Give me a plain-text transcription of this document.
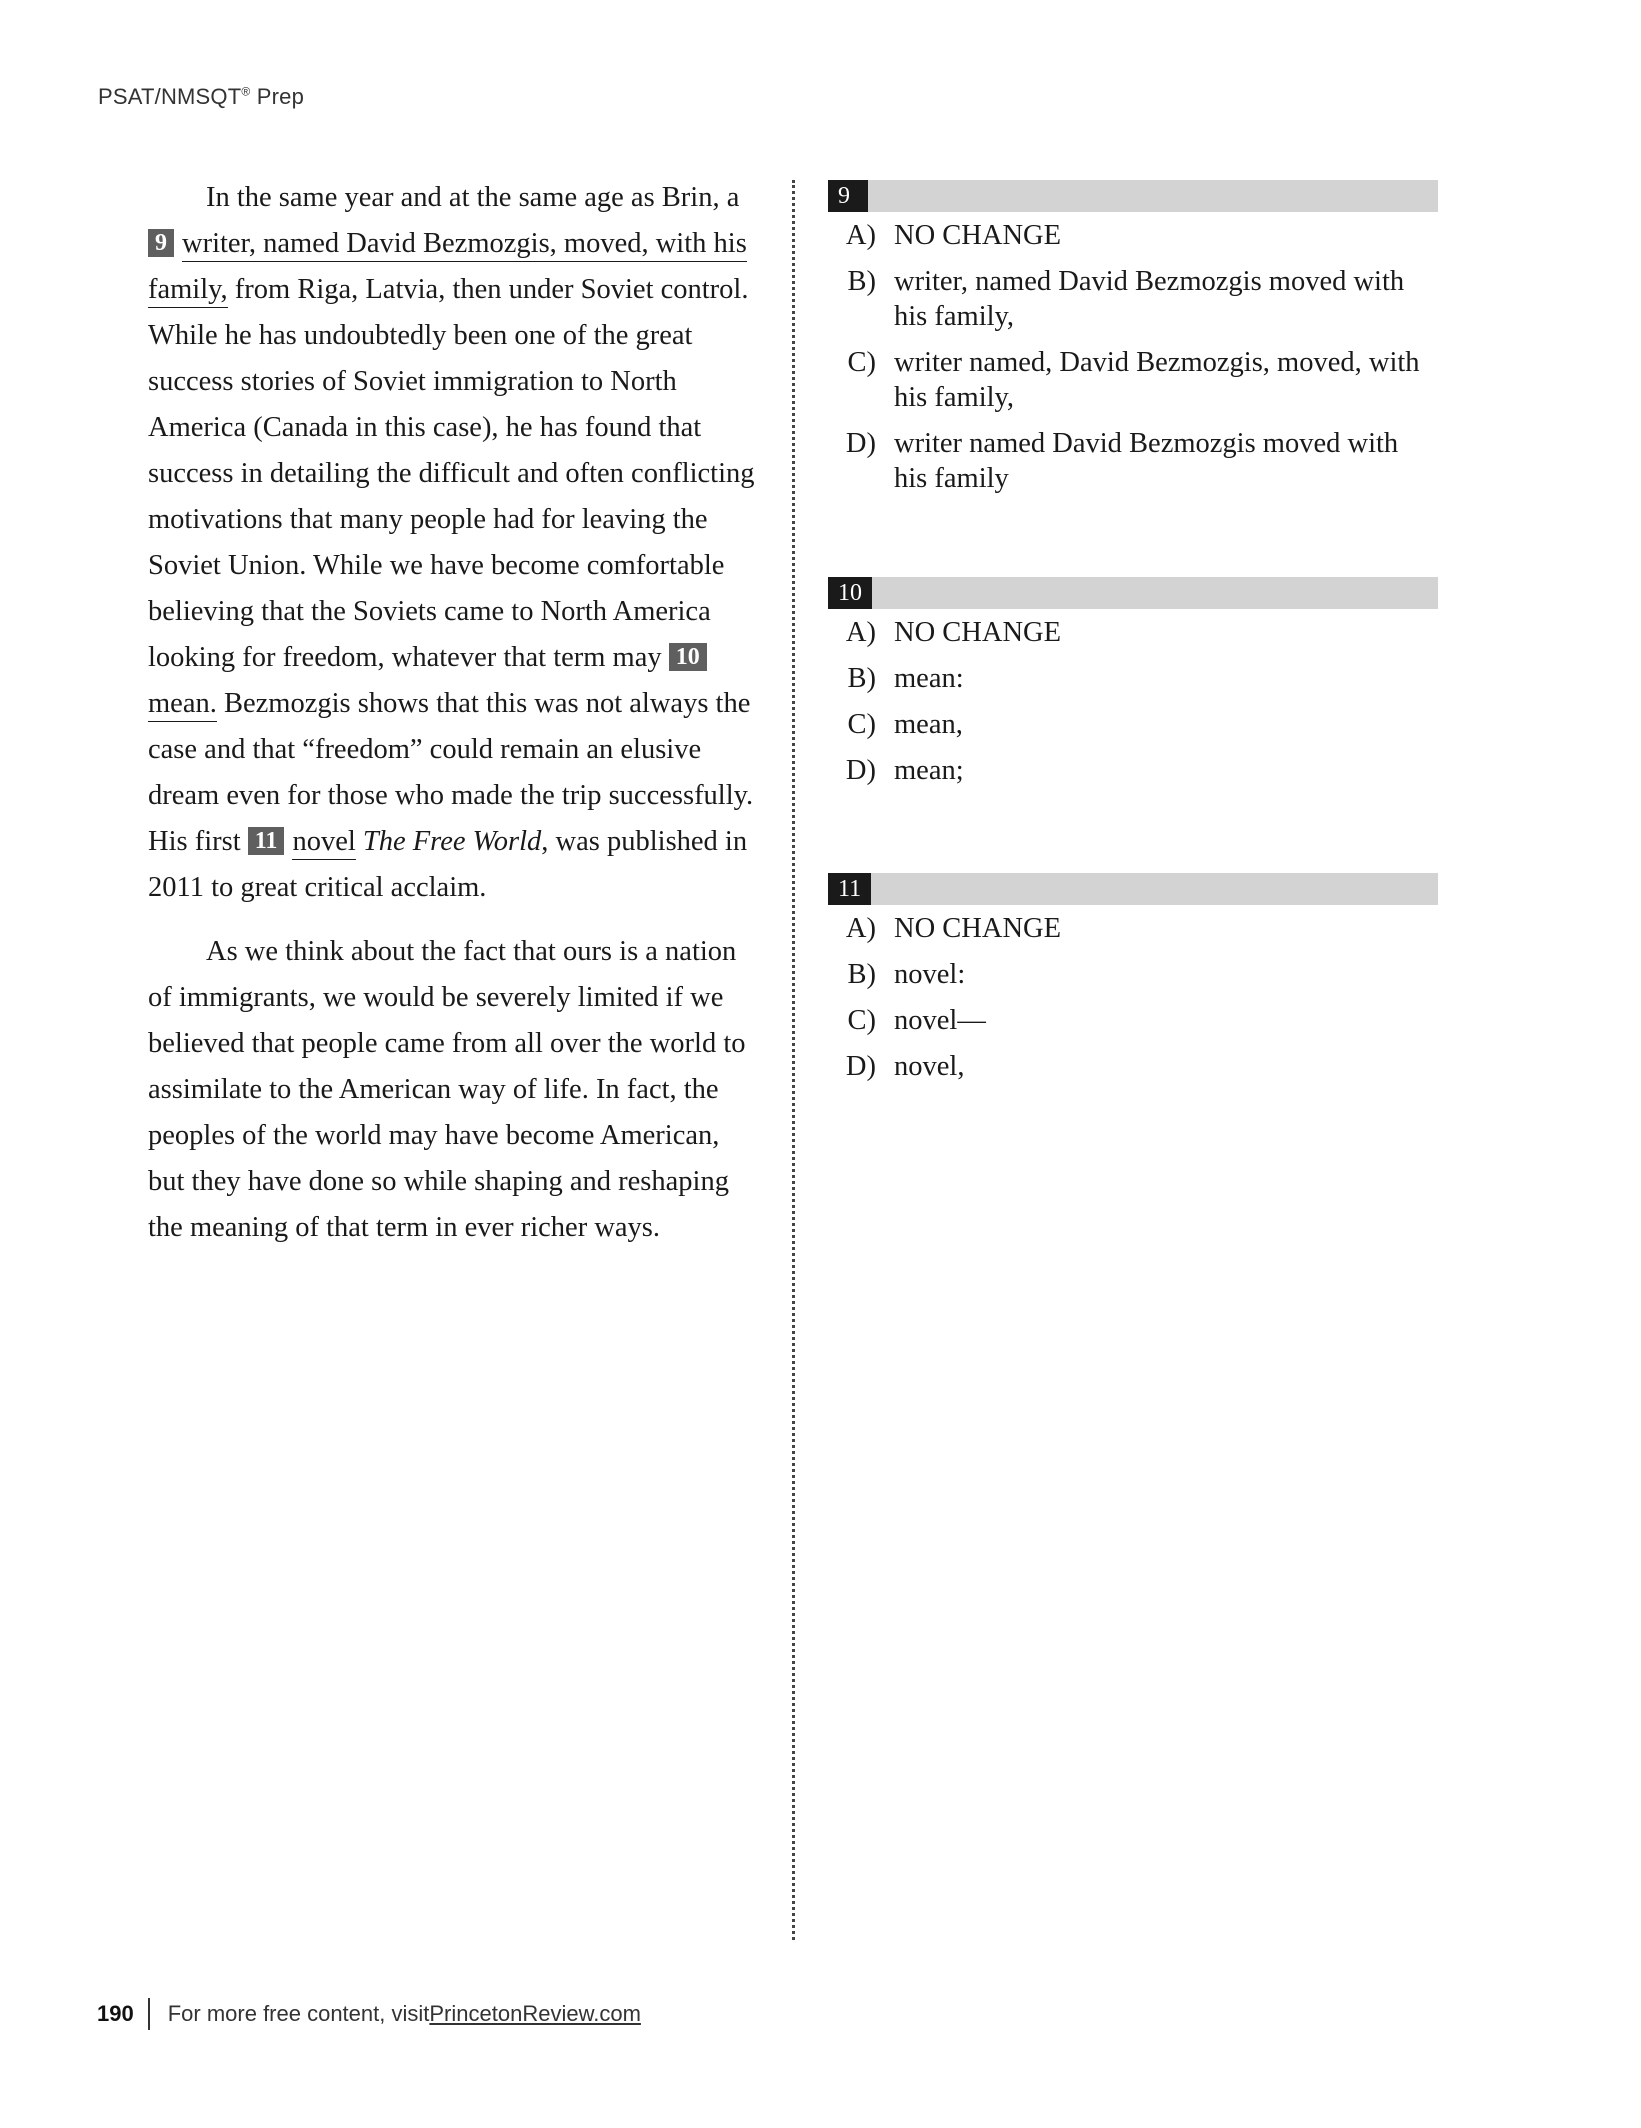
PSAT/NMSQT® Prep

In the same year and at the same age as Brin, a 9 writer, named David Bezmozgis, moved, with his family, from Riga, Latvia, then under Soviet control. While he has undoubtedly been one of the great success stories of Soviet immigration to North America (Canada in this case), he has found that success in detailing the difficult and often conflicting motivations that many people had for leaving the Soviet Union. While we have become comfortable believing that the Soviets came to North America looking for freedom, whatever that term may 10mean. Bezmozgis shows that this was not always the case and that “freedom” could remain an elusive dream even for those who made the trip successfully. His first 11 novel The Free World, was published in 2011 to great critical acclaim.

As we think about the fact that ours is a nation of immigrants, we would be severely limited if we believed that people came from all over the world to assimilate to the American way of life. In fact, the peoples of the world may have become American, but they have done so while shaping and reshaping the meaning of that term in ever richer ways.

9
A) NO CHANGE
B) writer, named David Bezmozgis moved with his family,
C) writer named, David Bezmozgis, moved, with his family,
D) writer named David Bezmozgis moved with his family
10
A) NO CHANGE
B) mean:
C) mean,
D) mean;
11
A) NO CHANGE
B) novel:
C) novel—
D) novel,
190 For more free content, visit PrincetonReview.com
